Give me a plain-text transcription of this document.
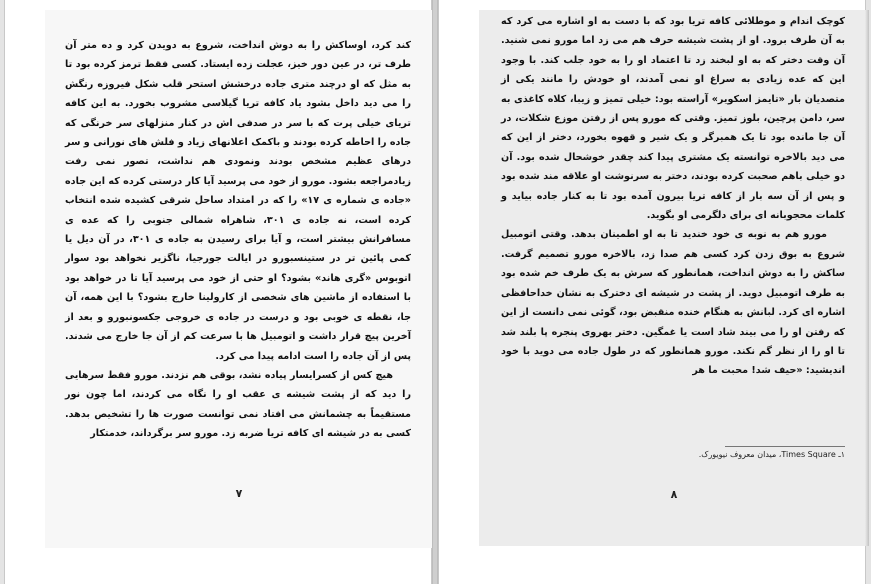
کند کرد، اوساکش را به دوش انداخت، شروع به دویدن کرد و ده متر آن طرف تر، در عین دور خیز، عجلت زده ایستاد. کسی فقط ترمز کرده بود تا به مثل که او درچند متری جاده درخشش استحر قلب شکل فیروزه رنگش را می دید داخل بشود یاد کافه تریا گیلاسی مشروب بخورد. به این کافه تریای خیلی پرت که با سر در صدفی اش در کنار منزلهای سر خرنگی که جاده را احاطه کرده بودند و باکمک اعلانهای زیاد و فلش های نورانی و سر درهای عظیم مشخص بودند ونمودی هم نداشت، تصور نمی رفت زیادمراجعه بشود. مورو از خود می پرسید آیا کار درستی کرده که این جاده «جاده ی شماره ی ۱۷» را که در امتداد ساحل شرقی کشیده شده انتخاب کرده است، نه جاده ی ۳۰۱، شاهراه شمالی جنوبی را که عده ی مسافرانش بیشتر است، و آیا برای رسیدن به جاده ی ۳۰۱، در آن دیل یا کمی پائین تر در ستینسبورو در ایالت جورجیا، ناگزیر نخواهد بود سوار اتوبوس «گری هاند» بشود؟ او حتی از خود می پرسید آیا تا در خواهد بود با استفاده از ماشین های شخصی از کارولینا خارج بشود؟ با این همه، آن جا، نقطه ی خوبی بود و درست در جاده ی خروجی جکسونبورو و بعد از آخرین پیچ قرار داشت و اتومبیل ها با سرعت کم از آن جا خارج می شدند. پس از آن جاده را است ادامه پیدا می کرد.

هیچ کس از کسرایسار پیاده نشد، بوقی هم نزدند. مورو فقط سرهایی را دید که از پشت شیشه ی عقب او را نگاه می کردند، اما چون نور مستقیماً به چشمانش می افتاد نمی توانست صورت ها را تشخیص بدهد. کسی به در شیشه ای کافه تریا ضربه زد. مورو سر برگرداند، خدمتکار

۷

کوچک اندام و موطلائی کافه تریا بود که با دست به او اشاره می کرد که به آن طرف برود. او از پشت شیشه حرف هم می زد اما مورو نمی شنید. آن وقت دختر که به او لبخند زد تا اعتماد او را به خود جلب کند. با وجود این که عده زیادی به سراغ او نمی آمدند، او خودش را مانند یکی از متصدیان بار «تایمز اسکویر» آراسته بود: خیلی تمیز و زیبا، کلاه کاغذی به سر، دامن پرچین، بلوز تمیز. وقتی که مورو پس از رفتن موزع شکلات، در آن جا مانده بود تا یک همبرگر و یک شیر و قهوه بخورد، دختر از این که می دید بالاخره توانسته یک مشتری پیدا کند چقدر خوشحال شده بود. آن دو خیلی باهم صحبت کرده بودند، دختر به سرنوشت او علاقه مند شده بود و پس از آن سه بار از کافه تریا بیرون آمده بود تا به کنار جاده بیاید و کلمات محجوبانه ای برای دلگرمی او بگوید.

مورو هم به نوبه ی خود خندید تا به او اطمینان بدهد. وقتی اتومبیل شروع به بوق زدن کرد کسی هم صدا زد، بالاخره مورو تصمیم گرفت. ساکش را به دوش انداخت، همانطور که سرش به یک طرف خم شده بود به طرف اتومبیل دوید. از پشت در شیشه ای دخترک به نشان خداحافظی اشاره ای کرد. لبانش به هنگام خنده منقبض بود، گوئی نمی دانست از این که رفتن او را می بیند شاد است یا غمگین. دختر بهروی پنجره پا بلند شد تا او را از نظر گم نکند. مورو همانطور که در طول جاده می دوید با خود اندیشید: «حیف شد! محبت ما هر

۱ـ Times Square، میدان معروف نیویورک.
۸
